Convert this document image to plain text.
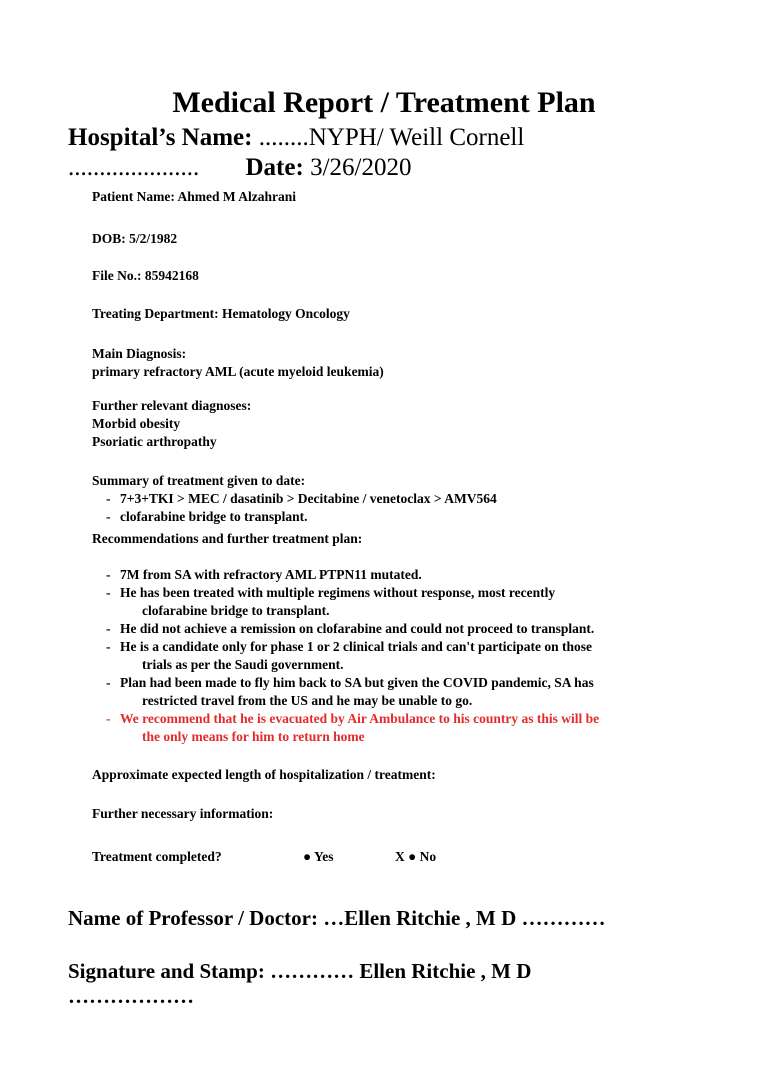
Medical Report / Treatment Plan
Hospital’s Name: ........NYPH/ Weill Cornell
..................... Date: 3/26/2020
Patient Name: Ahmed M Alzahrani
DOB: 5/2/1982
File No.: 85942168
Treating Department: Hematology Oncology
Main Diagnosis:
primary refractory AML (acute myeloid leukemia)
Further relevant diagnoses:
Morbid obesity
Psoriatic arthropathy
Summary of treatment given to date:
- 7+3+TKI > MEC / dasatinib > Decitabine / venetoclax > AMV564
- clofarabine bridge to transplant.
Recommendations and further treatment plan:
- 7M from SA with refractory AML PTPN11 mutated.
- He has been treated with multiple regimens without response, most recently
clofarabine bridge to transplant.
- He did not achieve a remission on clofarabine and could not proceed to transplant.
- He is a candidate only for phase 1 or 2 clinical trials and can't participate on those
trials as per the Saudi government.
- Plan had been made to fly him back to SA but given the COVID pandemic, SA has
restricted travel from the US and he may be unable to go.
- We recommend that he is evacuated by Air Ambulance to his country as this will be
the only means for him to return home
Approximate expected length of hospitalization / treatment:
Further necessary information:
Treatment completed?	● Yes	X ● No
Name of Professor / Doctor: …Ellen Ritchie , M D …………
Signature and Stamp: ………… Ellen Ritchie , M D
………………
